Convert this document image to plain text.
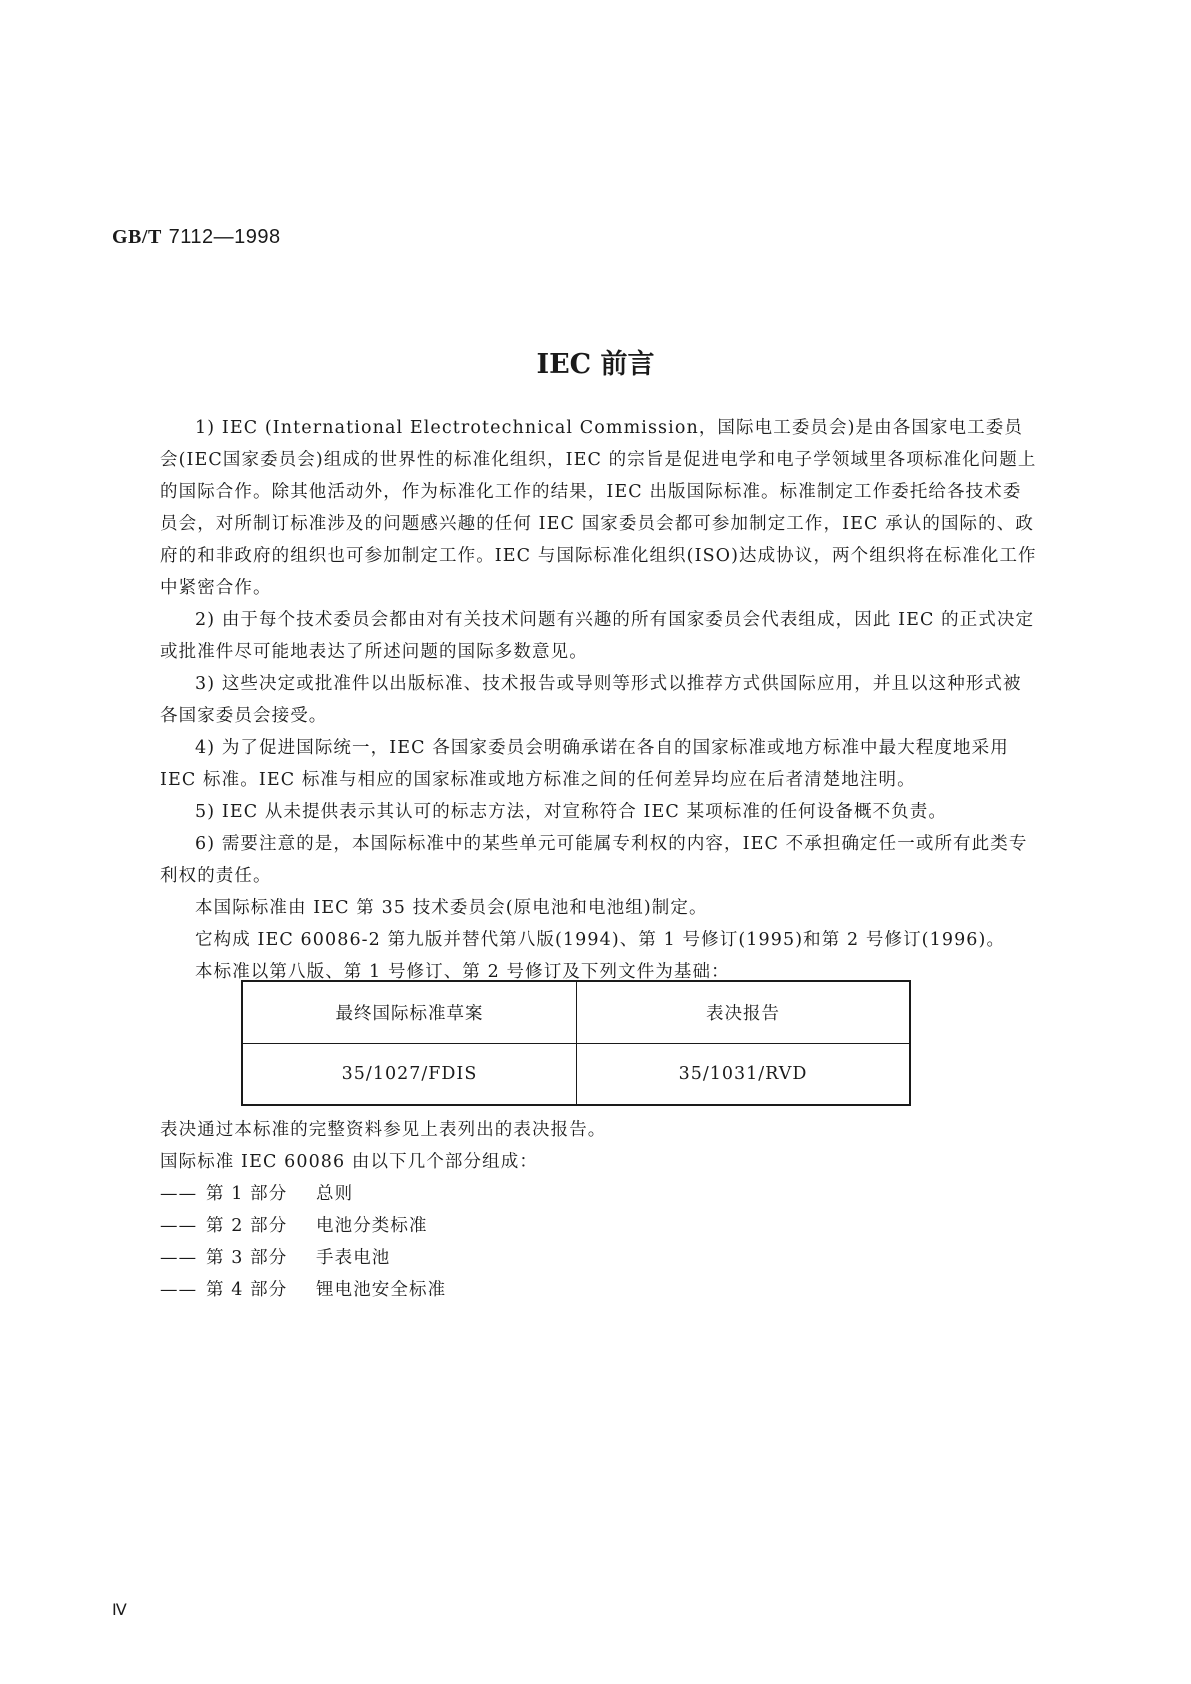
GB/T 7112—1998
IEC 前言

1) IEC (International Electrotechnical Commission，国际电工委员会)是由各国家电工委员会(IEC国家委员会)组成的世界性的标准化组织，IEC 的宗旨是促进电学和电子学领域里各项标准化问题上的国际合作。除其他活动外，作为标准化工作的结果，IEC 出版国际标准。标准制定工作委托给各技术委员会，对所制订标准涉及的问题感兴趣的任何 IEC 国家委员会都可参加制定工作，IEC 承认的国际的、政府的和非政府的组织也可参加制定工作。IEC 与国际标准化组织(ISO)达成协议，两个组织将在标准化工作中紧密合作。

2) 由于每个技术委员会都由对有关技术问题有兴趣的所有国家委员会代表组成，因此 IEC 的正式决定或批准件尽可能地表达了所述问题的国际多数意见。

3) 这些决定或批准件以出版标准、技术报告或导则等形式以推荐方式供国际应用，并且以这种形式被各国家委员会接受。

4) 为了促进国际统一，IEC 各国家委员会明确承诺在各自的国家标准或地方标准中最大程度地采用 IEC 标准。IEC 标准与相应的国家标准或地方标准之间的任何差异均应在后者清楚地注明。

5) IEC 从未提供表示其认可的标志方法，对宣称符合 IEC 某项标准的任何设备概不负责。

6) 需要注意的是，本国际标准中的某些单元可能属专利权的内容，IEC 不承担确定任一或所有此类专利权的责任。

本国际标准由 IEC 第 35 技术委员会(原电池和电池组)制定。

它构成 IEC 60086-2 第九版并替代第八版(1994)、第 1 号修订(1995)和第 2 号修订(1996)。

本标准以第八版、第 1 号修订、第 2 号修订及下列文件为基础：

最终国际标准草案	表决报告
35/1027/FDIS	35/1031/RVD

表决通过本标准的完整资料参见上表列出的表决报告。

国际标准 IEC 60086 由以下几个部分组成：

—— 第 1 部分	总则
—— 第 2 部分	电池分类标准
—— 第 3 部分	手表电池
—— 第 4 部分	锂电池安全标准
Ⅳ
